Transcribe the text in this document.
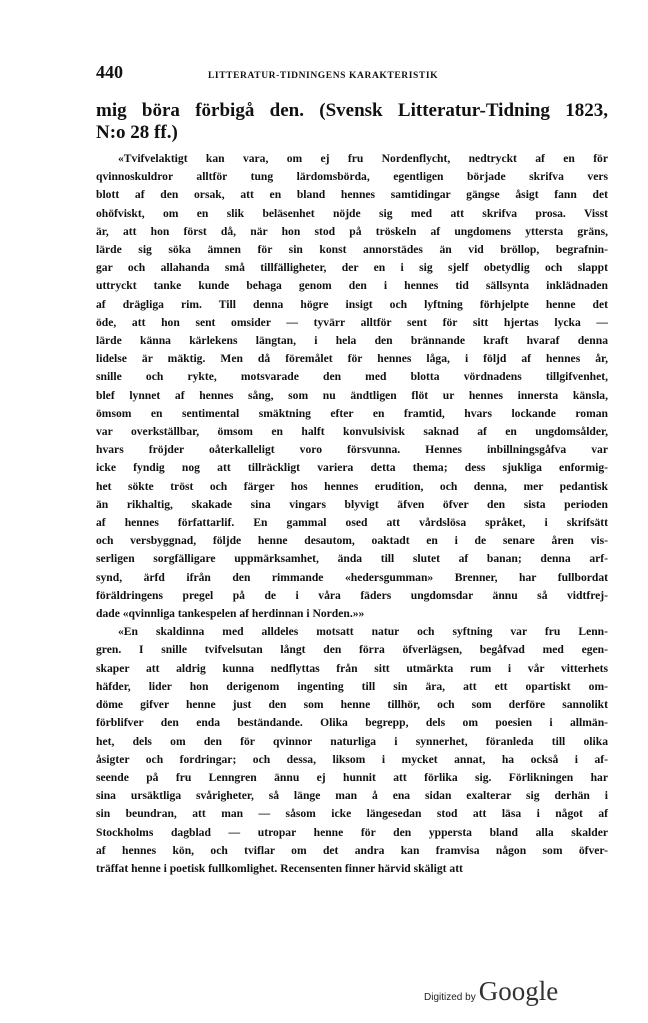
440	LITTERATUR-TIDNINGENS KARAKTERISTIK
mig böra förbigå den. (Svensk Litteratur-Tidning 1823,
N:o 28 ff.)
«Tvifvelaktigt kan vara, om ej fru Nordenflycht, nedtryckt af en för
qvinnoskuldror alltför tung lärdomsbörda, egentligen började skrifva vers
blott af den orsak, att en bland hennes samtidingar gängse åsigt fann det
ohöfviskt, om en slik beläsenhet nöjde sig med att skrifva prosa. Visst
är, att hon först då, när hon stod på tröskeln af ungdomens yttersta gräns,
lärde sig söka ämnen för sin konst annorstädes än vid bröllop, begrafnin-
gar och allahanda små tillfälligheter, der en i sig sjelf obetydlig och slappt
uttryckt tanke kunde behaga genom den i hennes tid sällsynta inklädnaden
af drägliga rim. Till denna högre insigt och lyftning förhjelpte henne det
öde, att hon sent omsider — tyvärr alltför sent för sitt hjertas lycka —
lärde känna kärlekens längtan, i hela den brännande kraft hvaraf denna
lidelse är mäktig. Men då föremålet för hennes låga, i följd af hennes år,
snille och rykte, motsvarade den med blotta vördnadens tillgifvenhet,
blef lynnet af hennes sång, som nu ändtligen flöt ur hennes innersta känsla,
ömsom en sentimental smäktning efter en framtid, hvars lockande roman
var overkställbar, ömsom en halft konvulsivisk saknad af en ungdomsålder,
hvars fröjder oåterkalleligt voro försvunna. Hennes inbillningsgåfva var
icke fyndig nog att tillräckligt variera detta thema; dess sjukliga enformig-
het sökte tröst och färger hos hennes erudition, och denna, mer pedantisk
än rikhaltig, skakade sina vingars blyvigt äfven öfver den sista perioden
af hennes författarlif. En gammal osed att vårdslösa språket, i skrifsätt
och versbyggnad, följde henne desautom, oaktadt en i de senare åren vis-
serligen sorgfälligare uppmärksamhet, ända till slutet af banan; denna arf-
synd, ärfd ifrån den rimmande «hedersgumman» Brenner, har fullbordat
föräldringens pregel på de i våra fäders ungdomsdar ännu så vidtfrej-
dade «qvinnliga tankespelen af herdinnan i Norden.»»
«En skaldinna med alldeles motsatt natur och syftning var fru Lenn-
gren. I snille tvifvelsutan långt den förra öfverlägsen, begåfvad med egen-
skaper att aldrig kunna nedflyttas från sitt utmärkta rum i vår vitterhets
häfder, lider hon derigenom ingenting till sin ära, att ett opartiskt om-
döme gifver henne just den som henne tillhör, och som derföre sannolikt
förblifver den enda beständande. Olika begrepp, dels om poesien i allmän-
het, dels om den för qvinnor naturliga i synnerhet, föranleda till olika
åsigter och fordringar; och dessa, liksom i mycket annat, ha också i af-
seende på fru Lenngren ännu ej hunnit att förlika sig. Förlikningen har
sina ursäktliga svårigheter, så länge man å ena sidan exalterar sig derhän i
sin beundran, att man — såsom icke längesedan stod att läsa i något af
Stockholms dagblad — utropar henne för den yppersta bland alla skalder
af hennes kön, och tviflar om det andra kan framvisa någon som öfver-
träffat henne i poetisk fullkomlighet. Recensenten finner härvid skäligt att
Digitized by Google
